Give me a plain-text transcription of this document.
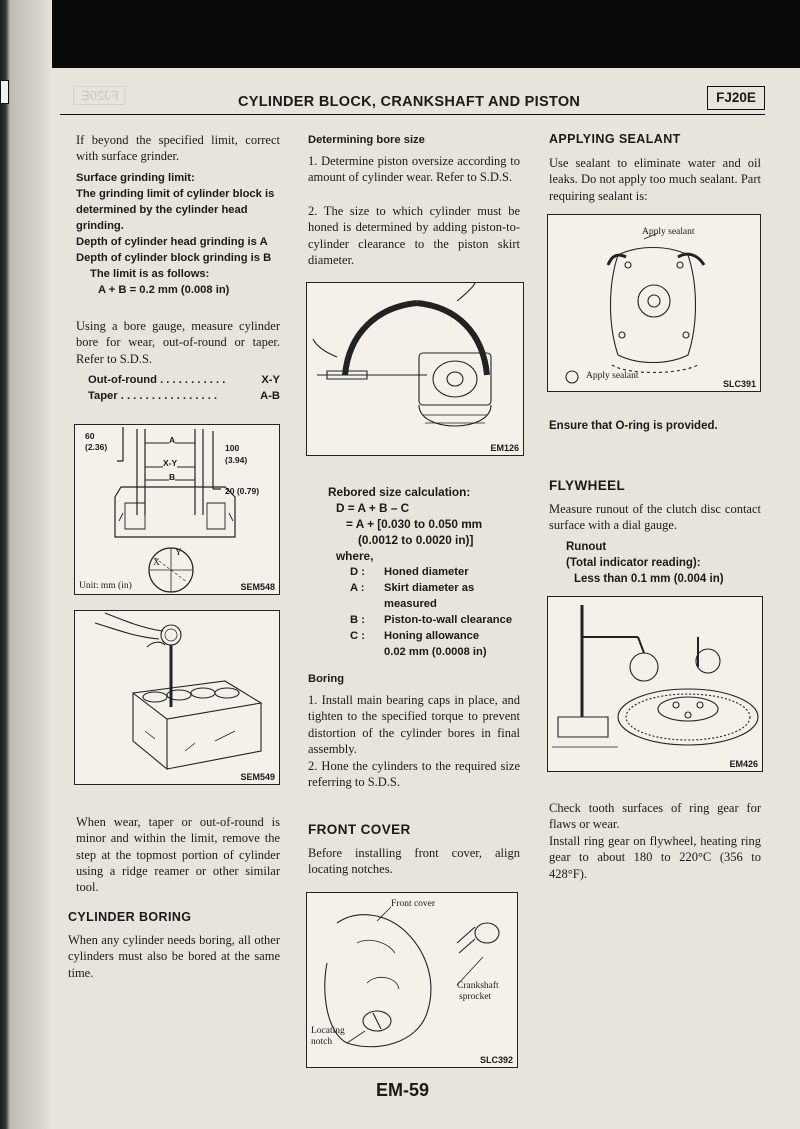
FJ20E	CYLINDER BLOCK, CRANKSHAFT AND PISTON	FJ20E

If beyond the specified limit, correct with surface grinder.

Surface grinding limit:
The grinding limit of cylinder block is determined by the cylinder head grinding.
Depth of cylinder head grinding is A
Depth of cylinder block grinding is B
The limit is as follows:
A + B = 0.2 mm (0.008 in)

Using a bore gauge, measure cylinder bore for wear, out-of-round or taper. Refer to S.D.S.

Out-of-round . . . . . . . . . . .	X-Y
Taper . . . . . . . . . . . . . . . .	A-B
60
(2.36)
A
X-Y
B
100
(3.94)
20 (0.79)
X
Y
Unit: mm (in)	SEM548
SEM549

When wear, taper or out-of-round is minor and within the limit, remove the step at the topmost portion of cylinder using a ridge reamer or other similar tool.

CYLINDER BORING

When any cylinder needs boring, all other cylinders must also be bored at the same time.

Determining bore size

1. Determine piston oversize according to amount of cylinder wear. Refer to S.D.S.

2. The size to which cylinder must be honed is determined by adding piston-to-cylinder clearance to the piston skirt diameter.

EM126
Rebored size calculation:
D = A + B – C
= A + [0.030 to 0.050 mm
(0.0012 to 0.0020 in)]
where,
D :	Honed diameter
A :	Skirt diameter as measured
B :	Piston-to-wall clearance
C :	Honing allowance
0.02 mm (0.0008 in)
Boring

1. Install main bearing caps in place, and tighten to the specified torque to prevent distortion of the cylinder bores in final assembly.

2. Hone the cylinders to the required size referring to S.D.S.

FRONT COVER

Before installing front cover, align locating notches.

Front cover
Crankshaft
sprocket
Locating
notch
SLC392
APPLYING SEALANT

Use sealant to eliminate water and oil leaks. Do not apply too much sealant. Part requiring sealant is:

Apply sealant
Apply sealant
SLC391
Ensure that O-ring is provided.
FLYWHEEL

Measure runout of the clutch disc contact surface with a dial gauge.

Runout
(Total indicator reading):
Less than 0.1 mm (0.004 in)
EM426

Check tooth surfaces of ring gear for flaws or wear.

Install ring gear on flywheel, heating ring gear to about 180 to 220°C (356 to 428°F).

EM-59
